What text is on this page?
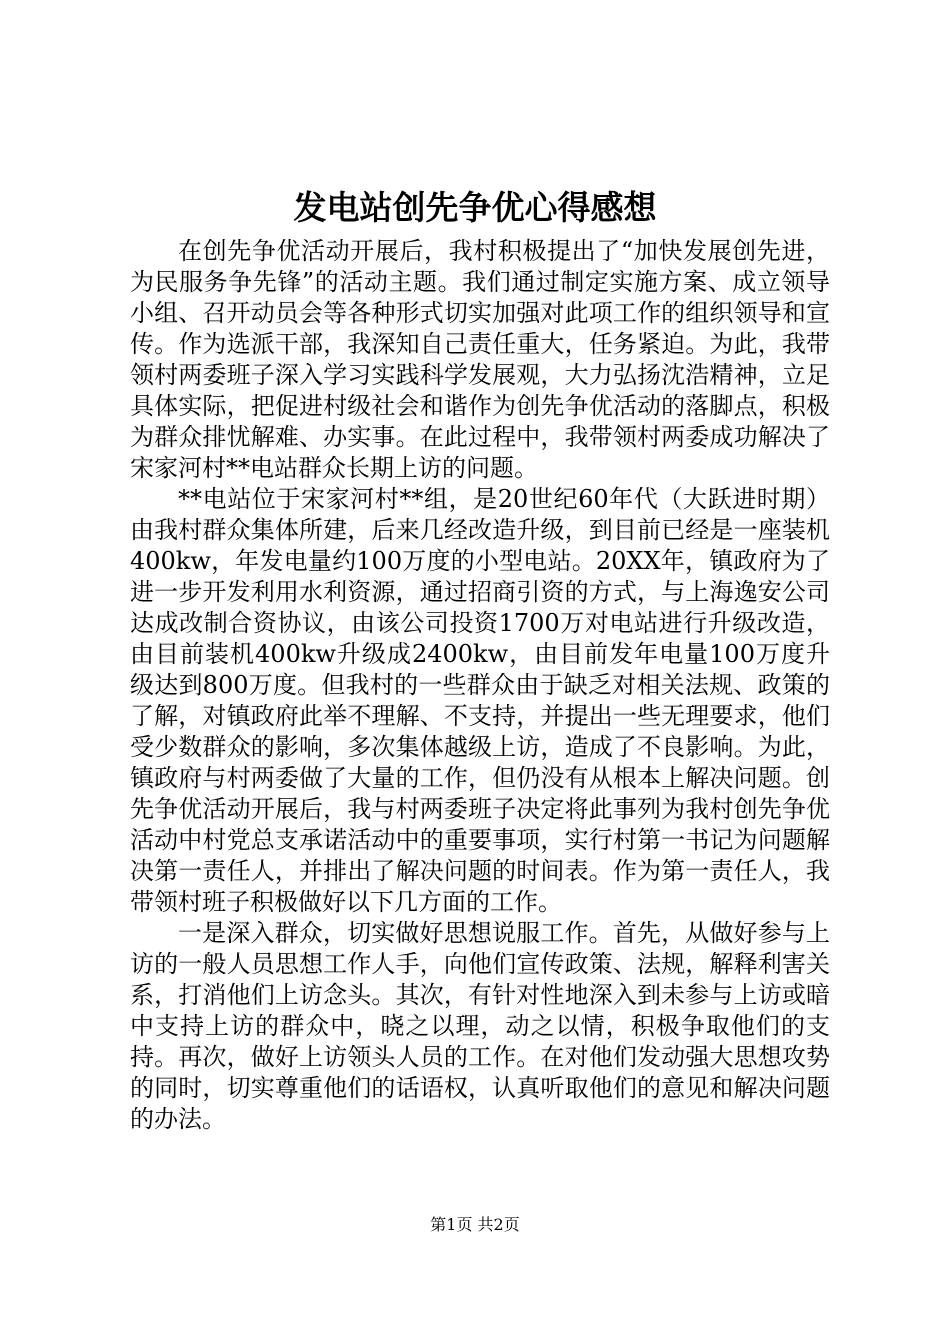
发电站创先争优心得感想

在创先争优活动开展后，我村积极提出了“加快发展创先进，为民服务争先锋”的活动主题。我们通过制定实施方案、成立领导小组、召开动员会等各种形式切实加强对此项工作的组织领导和宣传。作为选派干部，我深知自己责任重大，任务紧迫。为此，我带领村两委班子深入学习实践科学发展观，大力弘扬沈浩精神，立足具体实际，把促进村级社会和谐作为创先争优活动的落脚点，积极为群众排忧解难、办实事。在此过程中，我带领村两委成功解决了宋家河村**电站群众长期上访的问题。

**电站位于宋家河村**组，是20世纪60年代（大跃进时期）由我村群众集体所建，后来几经改造升级，到目前已经是一座装机400kw，年发电量约100万度的小型电站。20XX年，镇政府为了进一步开发利用水利资源，通过招商引资的方式，与上海逸安公司达成改制合资协议，由该公司投资1700万对电站进行升级改造，由目前装机400kw升级成2400kw，由目前发年电量100万度升级达到800万度。但我村的一些群众由于缺乏对相关法规、政策的了解，对镇政府此举不理解、不支持，并提出一些无理要求，他们受少数群众的影响，多次集体越级上访，造成了不良影响。为此，镇政府与村两委做了大量的工作，但仍没有从根本上解决问题。创先争优活动开展后，我与村两委班子决定将此事列为我村创先争优活动中村党总支承诺活动中的重要事项，实行村第一书记为问题解决第一责任人，并排出了解决问题的时间表。作为第一责任人，我带领村班子积极做好以下几方面的工作。

一是深入群众，切实做好思想说服工作。首先，从做好参与上访的一般人员思想工作人手，向他们宣传政策、法规，解释利害关系，打消他们上访念头。其次，有针对性地深入到未参与上访或暗中支持上访的群众中，晓之以理，动之以情，积极争取他们的支持。再次，做好上访领头人员的工作。在对他们发动强大思想攻势的同时，切实尊重他们的话语权，认真听取他们的意见和解决问题的办法。

第1页 共2页
